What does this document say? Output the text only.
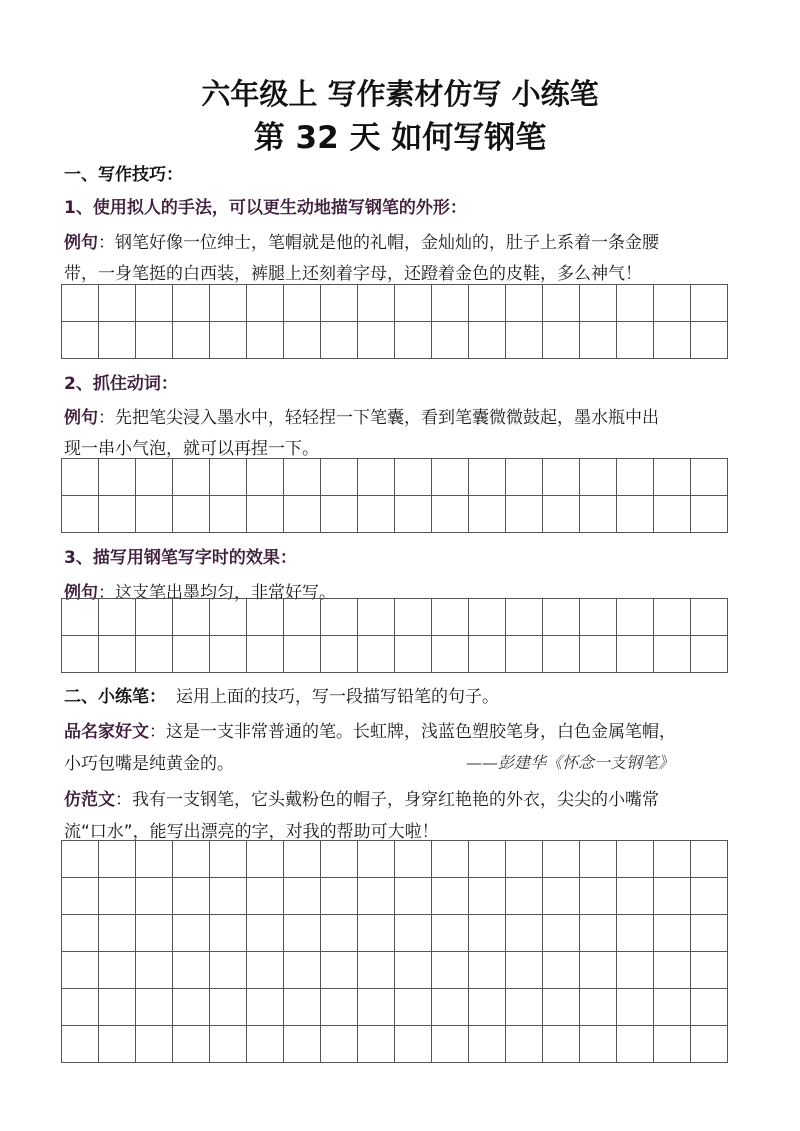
六年级上 写作素材仿写 小练笔
第 32 天 如何写钢笔
一、写作技巧：
1、使用拟人的手法，可以更生动地描写钢笔的外形：
例句：钢笔好像一位绅士，笔帽就是他的礼帽，金灿灿的，肚子上系着一条金腰
带，一身笔挺的白西装，裤腿上还刻着字母，还蹬着金色的皮鞋，多么神气！
2、抓住动词：
例句：先把笔尖浸入墨水中，轻轻捏一下笔囊，看到笔囊微微鼓起，墨水瓶中出
现一串小气泡，就可以再捏一下。
3、描写用钢笔写字时的效果：
例句：这支笔出墨均匀，非常好写。
二、小练笔： 运用上面的技巧，写一段描写铅笔的句子。
品名家好文：这是一支非常普通的笔。长虹牌，浅蓝色塑胶笔身，白色金属笔帽，
小巧包嘴是纯黄金的。	——彭建华《怀念一支钢笔》
仿范文：我有一支钢笔，它头戴粉色的帽子，身穿红艳艳的外衣，尖尖的小嘴常
流“口水”，能写出漂亮的字，对我的帮助可大啦！
